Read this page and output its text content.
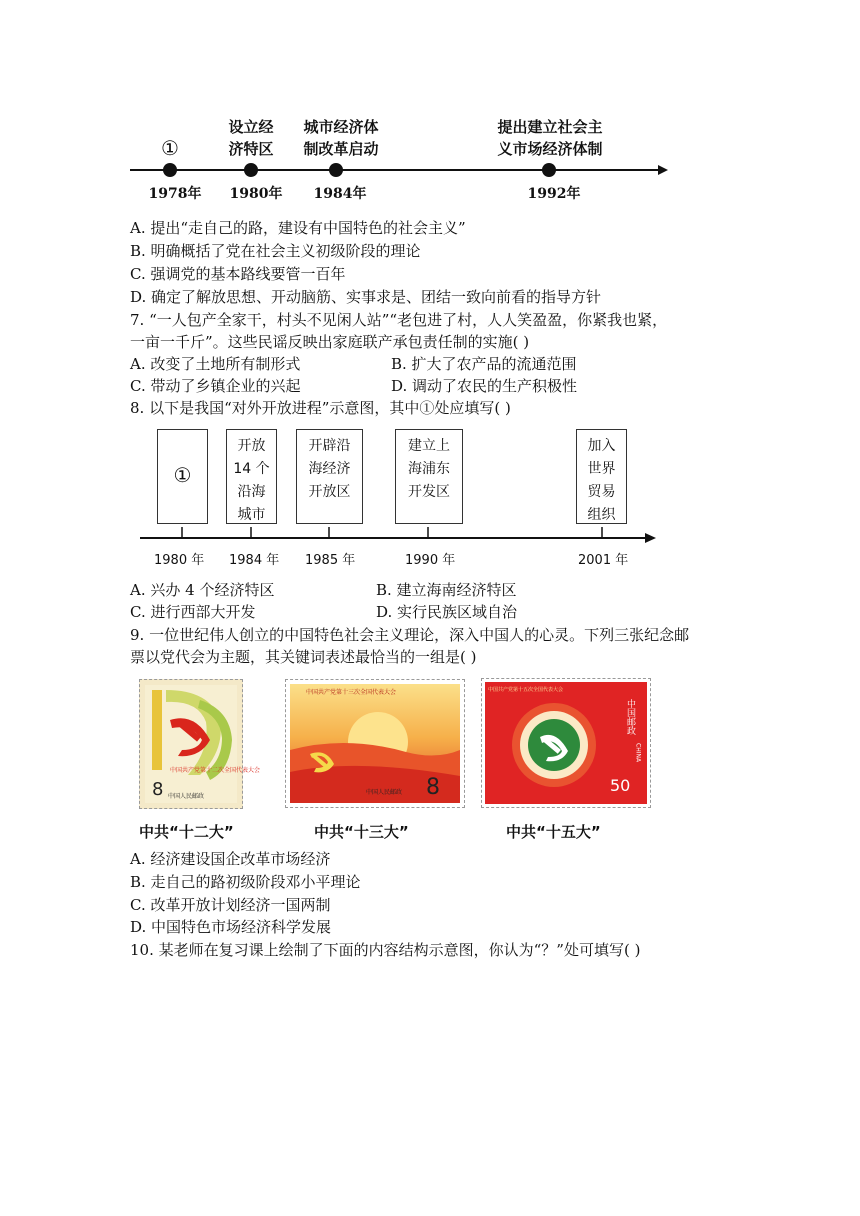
①
设立经
济特区
城市经济体
制改革启动
提出建立社会主
义市场经济体制
1978年	1980年	1984年	1992年
A. 提出“走自己的路，建设有中国特色的社会主义”
B. 明确概括了党在社会主义初级阶段的理论
C. 强调党的基本路线要管一百年
D. 确定了解放思想、开动脑筋、实事求是、团结一致向前看的指导方针
7. “一人包产全家干，村头不见闲人站”“老包进了村，人人笑盈盈，你紧我也紧，
一亩一千斤”。这些民谣反映出家庭联产承包责任制的实施( )
A. 改变了土地所有制形式	B. 扩大了农产品的流通范围
C. 带动了乡镇企业的兴起	D. 调动了农民的生产积极性
8. 以下是我国“对外开放进程”示意图，其中①处应填写( )
①
开放
14 个
沿海
城市
开辟沿
海经济
开放区
建立上
海浦东
开发区
加入
世界
贸易
组织
1980 年 1984 年 1985 年	1990 年	2001 年
A. 兴办 4 个经济特区	B. 建立海南经济特区
C. 进行西部大开发	D. 实行民族区域自治
9. 一位世纪伟人创立的中国特色社会主义理论，深入中国人的心灵。下列三张纪念邮
票以党代会为主题，其关键词表述最恰当的一组是( )
中国共产党第十二次全国代表大会
8 中国人民邮政
中国共产党第十三次全国代表大会
8
中国人民邮政
中国共产党第十五次全国代表大会
中国邮政
CHINA
50
中共“十二大”	中共“十三大”	中共“十五大”
A. 经济建设国企改革市场经济
B. 走自己的路初级阶段邓小平理论
C. 改革开放计划经济一国两制
D. 中国特色市场经济科学发展
10. 某老师在复习课上绘制了下面的内容结构示意图，你认为“？”处可填写( )
